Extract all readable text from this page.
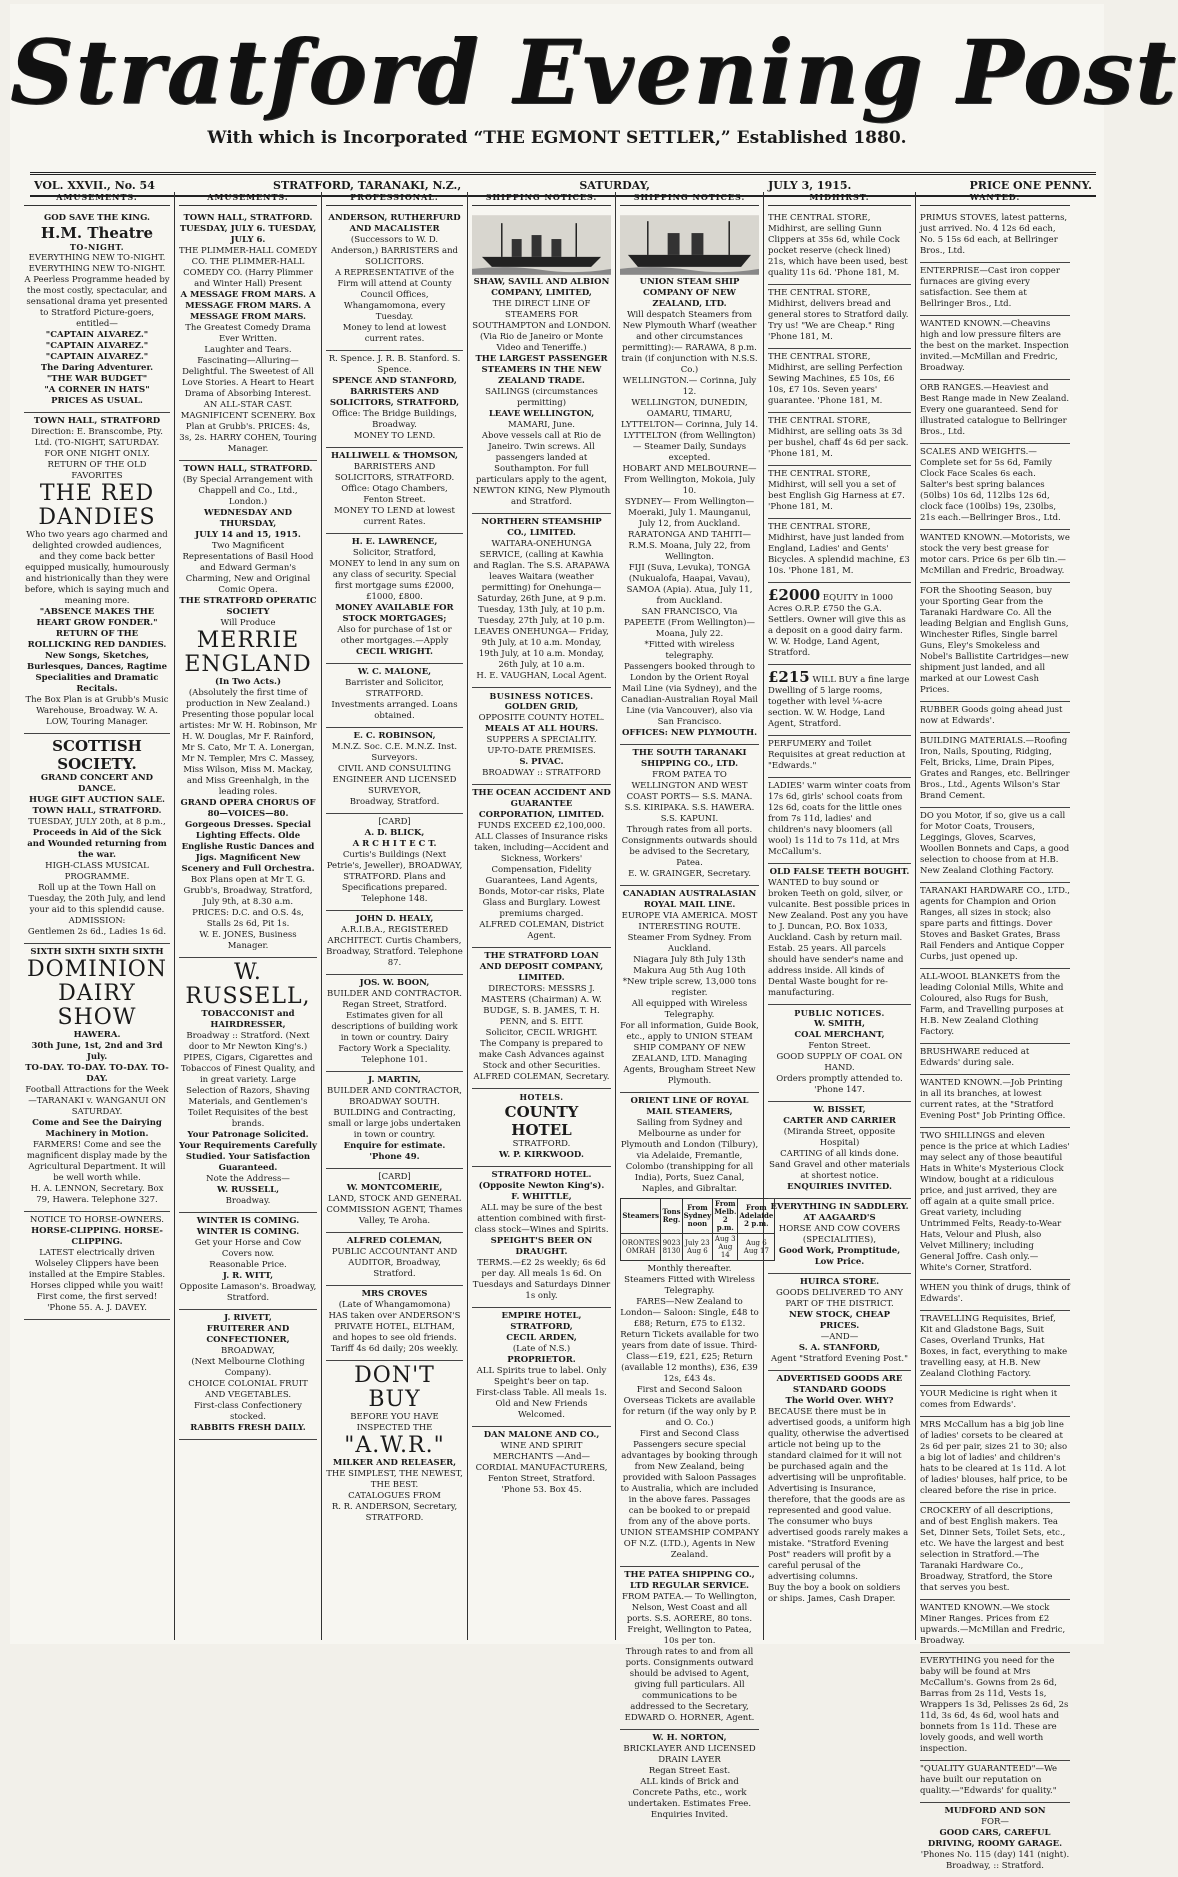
Stratford Evening Post
With which is Incorporated “THE EGMONT SETTLER,” Established 1880.
VOL. XXVII., No. 54	STRATFORD, TARANAKI, N.Z.,	SATURDAY,	JULY 3, 1915.	PRICE ONE PENNY.
AMUSEMENTS.
GOD SAVE THE KING.
H.M. Theatre
TO-NIGHT.
EVERYTHING NEW TO-NIGHT. EVERYTHING NEW TO-NIGHT.
A Peerless Programme headed by the most costly, spectacular, and sensational drama yet presented to Stratford Picture-goers, entitled—
"CAPTAIN ALVAREZ." "CAPTAIN ALVAREZ." "CAPTAIN ALVAREZ."
The Daring Adventurer.
"THE WAR BUDGET"
"A CORNER IN HATS"
PRICES AS USUAL.
TOWN HALL, STRATFORD
Direction: E. Branscombe, Pty. Ltd. (TO-NIGHT, SATURDAY. FOR ONE NIGHT ONLY. RETURN OF THE OLD FAVORITES
THE RED DANDIES
Who two years ago charmed and delighted crowded audiences, and they come back better equipped musically, humourously and histrionically than they were before, which is saying much and meaning more.
"ABSENCE MAKES THE HEART GROW FONDER."
RETURN OF THE ROLLICKING RED DANDIES.
New Songs, Sketches, Burlesques, Dances, Ragtime Specialities and Dramatic Recitals.
The Box Plan is at Grubb's Music Warehouse, Broadway. W. A. LOW, Touring Manager.
SCOTTISH SOCIETY.
GRAND CONCERT AND DANCE.
HUGE GIFT AUCTION SALE.
TOWN HALL, STRATFORD.
TUESDAY, JULY 20th, at 8 p.m.,
Proceeds in Aid of the Sick and Wounded returning from the war.
HIGH-CLASS MUSICAL PROGRAMME.
Roll up at the Town Hall on Tuesday, the 20th July, and lend your aid to this splendid cause.
ADMISSION:
Gentlemen 2s 6d., Ladies 1s 6d.
SIXTH SIXTH SIXTH SIXTH
DOMINION DAIRY SHOW
HAWERA.
30th June, 1st, 2nd and 3rd July.
TO-DAY. TO-DAY. TO-DAY. TO-DAY.
Football Attractions for the Week—TARANAKI v. WANGANUI ON SATURDAY.
Come and See the Dairying Machinery in Motion.
FARMERS! Come and see the magnificent display made by the Agricultural Department. It will be well worth while.
H. A. LENNON, Secretary. Box 79, Hawera. Telephone 327.
NOTICE TO HORSE-OWNERS.
HORSE-CLIPPING. HORSE-CLIPPING.
LATEST electrically driven Wolseley Clippers have been installed at the Empire Stables. Horses clipped while you wait! First come, the first served!
'Phone 55. A. J. DAVEY.
AMUSEMENTS.
TOWN HALL, STRATFORD.
TUESDAY, JULY 6. TUESDAY, JULY 6.
THE PLIMMER-HALL COMEDY CO. THE PLIMMER-HALL COMEDY CO. (Harry Plimmer and Winter Hall) Present
A MESSAGE FROM MARS. A MESSAGE FROM MARS. A MESSAGE FROM MARS.
The Greatest Comedy Drama Ever Written.
Laughter and Tears. Fascinating—Alluring—Delightful. The Sweetest of All Love Stories. A Heart to Heart Drama of Absorbing Interest. AN ALL-STAR CAST. MAGNIFICENT SCENERY. Box Plan at Grubb's. PRICES: 4s, 3s, 2s. HARRY COHEN, Touring Manager.
TOWN HALL, STRATFORD.
(By Special Arrangement with Chappell and Co., Ltd., London.)
WEDNESDAY AND THURSDAY,
JULY 14 and 15, 1915.
Two Magnificent Representations of Basil Hood and Edward German's Charming, New and Original Comic Opera.
THE STRATFORD OPERATIC SOCIETY
Will Produce
MERRIE ENGLAND
(In Two Acts.)
(Absolutely the first time of production in New Zealand.)
Presenting those popular local artistes: Mr W. H. Robinson, Mr H. W. Douglas, Mr F. Rainford, Mr S. Cato, Mr T. A. Lonergan, Mr N. Templer, Mrs C. Massey, Miss Wilson, Miss M. Mackay, and Miss Greenhalgh, in the leading roles.
GRAND OPERA CHORUS OF 80—VOICES—80.
Gorgeous Dresses. Special Lighting Effects. Olde Englishe Rustic Dances and Jigs. Magnificent New Scenery and Full Orchestra.
Box Plans open at Mr T. G. Grubb's, Broadway, Stratford, July 9th, at 8.30 a.m.
PRICES: D.C. and O.S. 4s, Stalls 2s 6d, Pit 1s.
W. E. JONES, Business Manager.
W. RUSSELL,
TOBACCONIST and HAIRDRESSER,
Broadway :: Stratford. (Next door to Mr Newton King's.)
PIPES, Cigars, Cigarettes and Tobaccos of Finest Quality, and in great variety. Large Selection of Razors, Shaving Materials, and Gentlemen's Toilet Requisites of the best brands.
Your Patronage Solicited. Your Requirements Carefully Studied. Your Satisfaction Guaranteed.
Note the Address—
W. RUSSELL,
Broadway.
WINTER IS COMING. WINTER IS COMING.
Get your Horse and Cow Covers now.
Reasonable Price.
J. R. WITT,
Opposite Lamason's. Broadway, Stratford.
J. RIVETT,
FRUITERER AND CONFECTIONER,
BROADWAY,
(Next Melbourne Clothing Company).
CHOICE COLONIAL FRUIT AND VEGETABLES.
First-class Confectionery stocked.
RABBITS FRESH DAILY.
PROFESSIONAL.
ANDERSON, RUTHERFURD AND MACALISTER
(Successors to W. D. Anderson,) BARRISTERS and SOLICITORS.
A REPRESENTATIVE of the Firm will attend at County Council Offices, Whangamomona, every Tuesday.
Money to lend at lowest current rates.
R. Spence. J. R. B. Stanford. S. Spence.
SPENCE AND STANFORD, BARRISTERS AND SOLICITORS, STRATFORD,
Office: The Bridge Buildings, Broadway.
MONEY TO LEND.
HALLIWELL & THOMSON,
BARRISTERS AND SOLICITORS, STRATFORD.
Office: Otago Chambers, Fenton Street.
MONEY TO LEND at lowest current Rates.
H. E. LAWRENCE,
Solicitor, Stratford,
MONEY to lend in any sum on any class of security. Special first mortgage sums £2000, £1000, £800.
MONEY AVAILABLE FOR STOCK MORTGAGES;
Also for purchase of 1st or other mortgages.—Apply
CECIL WRIGHT.
W. C. MALONE,
Barrister and Solicitor, STRATFORD.
Investments arranged. Loans obtained.
E. C. ROBINSON,
M.N.Z. Soc. C.E. M.N.Z. Inst. Surveyors.
CIVIL AND CONSULTING ENGINEER AND LICENSED SURVEYOR,
Broadway, Stratford.
[CARD]
A. D. BLICK,
A R C H I T E C T.
Curtis's Buildings (Next Petrie's, Jeweller), BROADWAY, STRATFORD. Plans and Specifications prepared. Telephone 148.
JOHN D. HEALY,
A.R.I.B.A., REGISTERED ARCHITECT. Curtis Chambers, Broadway, Stratford. Telephone 87.
JOS. W. BOON,
BUILDER AND CONTRACTOR. Regan Street, Stratford.
Estimates given for all descriptions of building work in town or country. Dairy Factory Work a Speciality. Telephone 101.
J. MARTIN,
BUILDER AND CONTRACTOR, BROADWAY SOUTH.
BUILDING and Contracting, small or large jobs undertaken in town or country.
Enquire for estimate. 'Phone 49.
[CARD]
W. MONTCOMERIE,
LAND, STOCK AND GENERAL COMMISSION AGENT, Thames Valley, Te Aroha.
ALFRED COLEMAN,
PUBLIC ACCOUNTANT AND AUDITOR, Broadway, Stratford.
MRS CROVES
(Late of Whangamomona)
HAS taken over ANDERSON'S PRIVATE HOTEL, ELTHAM, and hopes to see old friends. Tariff 4s 6d daily; 20s weekly.
DON'T BUY
BEFORE YOU HAVE INSPECTED THE
"A.W.R."
MILKER AND RELEASER,
THE SIMPLEST, THE NEWEST, THE BEST.
CATALOGUES FROM
R. R. ANDERSON, Secretary, STRATFORD.
SHIPPING NOTICES.
SHAW, SAVILL AND ALBION COMPANY, LIMITED,
THE DIRECT LINE OF STEAMERS FOR SOUTHAMPTON and LONDON. (Via Rio de Janeiro or Monte Video and Teneriffe.)
THE LARGEST PASSENGER STEAMERS IN THE NEW ZEALAND TRADE.
SAILINGS (circumstances permitting)
LEAVE WELLINGTON,
MAMARI, June.
Above vessels call at Rio de Janeiro. Twin screws. All passengers landed at Southampton. For full particulars apply to the agent,
NEWTON KING, New Plymouth and Stratford.
NORTHERN STEAMSHIP CO., LIMITED.
WAITARA-ONEHUNGA SERVICE, (calling at Kawhia and Raglan. The S.S. ARAPAWA leaves Waitara (weather permitting) for Onehunga— Saturday, 26th June, at 9 p.m. Tuesday, 13th July, at 10 p.m. Tuesday, 27th July, at 10 p.m.
LEAVES ONEHUNGA— Friday, 9th July, at 10 a.m. Monday, 19th July, at 10 a.m. Monday, 26th July, at 10 a.m.
H. E. VAUGHAN, Local Agent.
BUSINESS NOTICES.
GOLDEN GRID,
OPPOSITE COUNTY HOTEL.
MEALS AT ALL HOURS.
SUPPERS A SPECIALITY.
UP-TO-DATE PREMISES.
S. PIVAC.
BROADWAY :: STRATFORD
THE OCEAN ACCIDENT AND GUARANTEE CORPORATION, LIMITED.
FUNDS EXCEED £2,100,000.
ALL Classes of Insurance risks taken, including—Accident and Sickness, Workers' Compensation, Fidelity Guarantees, Land Agents, Bonds, Motor-car risks, Plate Glass and Burglary. Lowest premiums charged.
ALFRED COLEMAN, District Agent.
THE STRATFORD LOAN AND DEPOSIT COMPANY, LIMITED.
DIRECTORS: MESSRS J. MASTERS (Chairman) A. W. BUDGE, S. B. JAMES, T. H. PENN, and S. EITT.
Solicitor, CECIL WRIGHT.
The Company is prepared to make Cash Advances against Stock and other Securities.
ALFRED COLEMAN, Secretary.
HOTELS.
COUNTY HOTEL
STRATFORD.
W. P. KIRKWOOD.
STRATFORD HOTEL. (Opposite Newton King's).
F. WHITTLE,
ALL may be sure of the best attention combined with first-class stock—Wines and Spirits.
SPEIGHT'S BEER ON DRAUGHT.
TERMS.—£2 2s weekly; 6s 6d per day. All meals 1s 6d. On Tuesdays and Saturdays Dinner 1s only.
EMPIRE HOTEL, STRATFORD,
CECIL ARDEN,
(Late of N.S.)
PROPRIETOR.
ALL Spirits true to label. Only Speight's beer on tap.
First-class Table. All meals 1s.
Old and New Friends Welcomed.
DAN MALONE AND CO.,
WINE AND SPIRIT MERCHANTS —And— CORDIAL MANUFACTURERS,
Fenton Street, Stratford.
'Phone 53. Box 45.
SHIPPING NOTICES.
UNION STEAM SHIP COMPANY OF NEW ZEALAND, LTD.
Will despatch Steamers from New Plymouth Wharf (weather and other circumstances permitting):— RARAWA, 8 p.m. train (if conjunction with N.S.S. Co.)
WELLINGTON.— Corinna, July 12.
WELLINGTON, DUNEDIN, OAMARU, TIMARU, LYTTELTON— Corinna, July 14.
LYTTELTON (from Wellington)— Steamer Daily, Sundays excepted.
HOBART AND MELBOURNE—From Wellington, Mokoia, July 10.
SYDNEY— From Wellington—Moeraki, July 1. Maunganui, July 12, from Auckland.
RARATONGA AND TAHITI— R.M.S. Moana, July 22, from Wellington.
FIJI (Suva, Levuka), TONGA (Nukualofa, Haapai, Vavau), SAMOA (Apia). Atua, July 11, from Auckland.
SAN FRANCISCO, Via PAPEETE (From Wellington)— Moana, July 22.
*Fitted with wireless telegraphy.
Passengers booked through to London by the Orient Royal Mail Line (via Sydney), and the Canadian-Australian Royal Mail Line (via Vancouver), also via San Francisco.
OFFICES: NEW PLYMOUTH.
THE SOUTH TARANAKI SHIPPING CO., LTD.
FROM PATEA TO WELLINGTON AND WEST COAST PORTS— S.S. MANA. S.S. KIRIPAKA. S.S. HAWERA. S.S. KAPUNI.
Through rates from all ports. Consignments outwards should be advised to the Secretary, Patea.
E. W. GRAINGER, Secretary.
CANADIAN AUSTRALASIAN ROYAL MAIL LINE.
EUROPE VIA AMERICA. MOST INTERESTING ROUTE.
Steamer From Sydney. From Auckland.
Niagara July 8th July 13th
Makura Aug 5th Aug 10th
*New triple screw, 13,000 tons register.
All equipped with Wireless Telegraphy.
For all information, Guide Book, etc., apply to UNION STEAM SHIP COMPANY OF NEW ZEALAND, LTD. Managing Agents, Brougham Street New Plymouth.
ORIENT LINE OF ROYAL MAIL STEAMERS,
Sailing from Sydney and Melbourne as under for Plymouth and London (Tilbury), via Adelaide, Fremantle, Colombo (transhipping for all India), Ports, Suez Canal, Naples, and Gibraltar.
Steamers	Tons Reg.	From Sydney noon	From Melb. 2 p.m.	From Adelaide 2 p.m.
ORONTES OMRAH	9023 8130	July 23 Aug 6	Aug 3 Aug 14	Aug 6 Aug 17
Monthly thereafter.
Steamers Fitted with Wireless Telegraphy.
FARES—New Zealand to London— Saloon: Single, £48 to £88; Return, £75 to £132.
Return Tickets available for two years from date of issue. Third-Class—£19, £21, £25; Return (available 12 months), £36, £39 12s, £43 4s.
First and Second Saloon Overseas Tickets are available for return (if the way only by P. and O. Co.)
First and Second Class Passengers secure special advantages by booking through from New Zealand, being provided with Saloon Passages to Australia, which are included in the above fares. Passages can be booked to or prepaid from any of the above ports. UNION STEAMSHIP COMPANY OF N.Z. (LTD.), Agents in New Zealand.
THE PATEA SHIPPING CO., LTD REGULAR SERVICE.
FROM PATEA.— To Wellington, Nelson, West Coast and all ports. S.S. AORERE, 80 tons.
Freight, Wellington to Patea, 10s per ton.
Through rates to and from all ports. Consignments outward should be advised to Agent, giving full particulars. All communications to be addressed to the Secretary,
EDWARD O. HORNER, Agent.
W. H. NORTON,
BRICKLAYER AND LICENSED DRAIN LAYER
Regan Street East.
ALL kinds of Brick and Concrete Paths, etc., work undertaken. Estimates Free. Enquiries Invited.
MIDHIRST.
THE CENTRAL STORE, Midhirst, are selling Gunn Clippers at 35s 6d, while Cock pocket reserve (check lined) 21s, which have been used, best quality 11s 6d. 'Phone 181, M.
THE CENTRAL STORE, Midhirst, delivers bread and general stores to Stratford daily. Try us! "We are Cheap." Ring 'Phone 181, M.
THE CENTRAL STORE, Midhirst, are selling Perfection Sewing Machines, £5 10s, £6 10s, £7 10s. Seven years' guarantee. 'Phone 181, M.
THE CENTRAL STORE, Midhirst, are selling oats 3s 3d per bushel, chaff 4s 6d per sack. 'Phone 181, M.
THE CENTRAL STORE, Midhirst, will sell you a set of best English Gig Harness at £7. 'Phone 181, M.
THE CENTRAL STORE, Midhirst, have just landed from England, Ladies' and Gents' Bicycles. A splendid machine, £3 10s. 'Phone 181, M.
£2000 EQUITY in 1000 Acres O.R.P. £750 the G.A. Settlers. Owner will give this as a deposit on a good dairy farm. W. W. Hodge, Land Agent, Stratford.
£215 WILL BUY a fine large Dwelling of 5 large rooms, together with level ¼-acre section. W. W. Hodge, Land Agent, Stratford.
PERFUMERY and Toilet Requisites at great reduction at "Edwards."
LADIES' warm winter coats from 17s 6d, girls' school coats from 12s 6d, coats for the little ones from 7s 11d, ladies' and children's navy bloomers (all wool) 1s 11d to 7s 11d, at Mrs McCallum's.
OLD FALSE TEETH BOUGHT.
WANTED to buy sound or broken Teeth on gold, silver, or vulcanite. Best possible prices in New Zealand. Post any you have to J. Duncan, P.O. Box 1033, Auckland. Cash by return mail. Estab. 25 years. All parcels should have sender's name and address inside. All kinds of Dental Waste bought for re-manufacturing.
PUBLIC NOTICES.
W. SMITH,
COAL MERCHANT,
Fenton Street.
GOOD SUPPLY OF COAL ON HAND.
Orders promptly attended to. 'Phone 147.
W. BISSET,
CARTER AND CARRIER
(Miranda Street, opposite Hospital)
CARTING of all kinds done. Sand Gravel and other materials at shortest notice.
ENQUIRIES INVITED.
EVERYTHING IN SADDLERY.
AT AAGAARD'S
HORSE AND COW COVERS (SPECIALITIES),
Good Work, Promptitude, Low Price.
HUIRCA STORE.
GOODS DELIVERED TO ANY PART OF THE DISTRICT.
NEW STOCK, CHEAP PRICES.
—AND—
S. A. STANFORD,
Agent "Stratford Evening Post."
ADVERTISED GOODS ARE STANDARD GOODS
The World Over. WHY?
BECAUSE there must be in advertised goods, a uniform high quality, otherwise the advertised article not being up to the standard claimed for it will not be purchased again and the advertising will be unprofitable. Advertising is Insurance, therefore, that the goods are as represented and good value.
The consumer who buys advertised goods rarely makes a mistake. "Stratford Evening Post" readers will profit by a careful perusal of the advertising columns.
Buy the boy a book on soldiers or ships. James, Cash Draper.
WANTED.
PRIMUS STOVES, latest patterns, just arrived. No. 4 12s 6d each, No. 5 15s 6d each, at Bellringer Bros., Ltd.
ENTERPRISE—Cast iron copper furnaces are giving every satisfaction. See them at Bellringer Bros., Ltd.
WANTED KNOWN.—Cheavins high and low pressure filters are the best on the market. Inspection invited.—McMillan and Fredric, Broadway.
ORB RANGES.—Heaviest and Best Range made in New Zealand. Every one guaranteed. Send for illustrated catalogue to Bellringer Bros., Ltd.
SCALES AND WEIGHTS.—Complete set for 5s 6d, Family Clock Face Scales 6s each. Salter's best spring balances (50lbs) 10s 6d, 112lbs 12s 6d, clock face (100lbs) 19s, 230lbs, 21s each.—Bellringer Bros., Ltd.
WANTED KNOWN.—Motorists, we stock the very best grease for motor cars. Price 6s per 6lb tin.—McMillan and Fredric, Broadway.
FOR the Shooting Season, buy your Sporting Gear from the Taranaki Hardware Co. All the leading Belgian and English Guns, Winchester Rifles, Single barrel Guns, Eley's Smokeless and Nobel's Ballistite Cartridges—new shipment just landed, and all marked at our Lowest Cash Prices.
RUBBER Goods going ahead just now at Edwards'.
BUILDING MATERIALS.—Roofing Iron, Nails, Spouting, Ridging, Felt, Bricks, Lime, Drain Pipes, Grates and Ranges, etc. Bellringer Bros., Ltd., Agents Wilson's Star Brand Cement.
DO you Motor, if so, give us a call for Motor Coats, Trousers, Leggings, Gloves, Scarves, Woollen Bonnets and Caps, a good selection to choose from at H.B. New Zealand Clothing Factory.
TARANAKI HARDWARE CO., LTD., agents for Champion and Orion Ranges, all sizes in stock; also spare parts and fittings. Dover Stoves and Basket Grates, Brass Rail Fenders and Antique Copper Curbs, just opened up.
ALL-WOOL BLANKETS from the leading Colonial Mills, White and Coloured, also Rugs for Bush, Farm, and Travelling purposes at H.B. New Zealand Clothing Factory.
BRUSHWARE reduced at Edwards' during sale.
WANTED KNOWN.—Job Printing in all its branches, at lowest current rates, at the "Stratford Evening Post" Job Printing Office.
TWO SHILLINGS and eleven pence is the price at which Ladies' may select any of those beautiful Hats in White's Mysterious Clock Window, bought at a ridiculous price, and just arrived, they are off again at a quite small price. Great variety, including Untrimmed Felts, Ready-to-Wear Hats, Velour and Plush, also Velvet Millinery; including General Joffre. Cash only.—White's Corner, Stratford.
WHEN you think of drugs, think of Edwards'.
TRAVELLING Requisites, Brief, Kit and Gladstone Bags, Suit Cases, Overland Trunks, Hat Boxes, in fact, everything to make travelling easy, at H.B. New Zealand Clothing Factory.
YOUR Medicine is right when it comes from Edwards'.
MRS McCallum has a big job line of ladies' corsets to be cleared at 2s 6d per pair, sizes 21 to 30; also a big lot of ladies' and children's hats to be cleared at 1s 11d. A lot of ladies' blouses, half price, to be cleared before the rise in price.
CROCKERY of all descriptions, and of best English makers. Tea Set, Dinner Sets, Toilet Sets, etc., etc. We have the largest and best selection in Stratford.—The Taranaki Hardware Co., Broadway, Stratford, the Store that serves you best.
WANTED KNOWN.—We stock Miner Ranges. Prices from £2 upwards.—McMillan and Fredric, Broadway.
EVERYTHING you need for the baby will be found at Mrs McCallum's. Gowns from 2s 6d, Barras from 2s 11d, Vests 1s, Wrappers 1s 3d, Pelisses 2s 6d, 2s 11d, 3s 6d, 4s 6d, wool hats and bonnets from 1s 11d. These are lovely goods, and well worth inspection.
"QUALITY GUARANTEED"—We have built our reputation on quality.—"Edwards' for quality."
MUDFORD AND SON
FOR—
GOOD CARS, CAREFUL DRIVING, ROOMY GARAGE.
'Phones No. 115 (day) 141 (night).
Broadway, :: Stratford.
